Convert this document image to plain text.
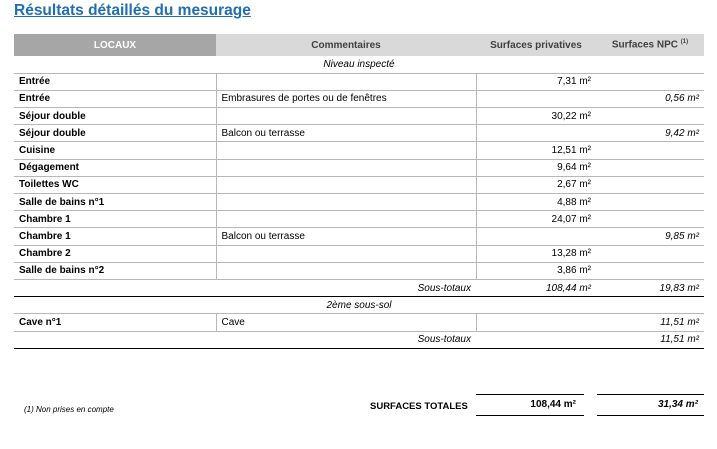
Résultats détaillés du mesurage
LOCAUX	Commentaires	Surfaces privatives	Surfaces NPC $^{(1)}$
Niveau inspecté			
Entrée		7,31 m²	
Entrée	Embrasures de portes ou de fenêtres		0,56 m²
Séjour double		30,22 m²	
Séjour double	Balcon ou terrasse		9,42 m²
Cuisine		12,51 m²	
Dégagement		9,64 m²	
Toilettes WC		2,67 m²	
Salle de bains n°1		4,88 m²	
Chambre 1		24,07 m²	
Chambre 1	Balcon ou terrasse		9,85 m²
Chambre 2		13,28 m²	
Salle de bains n°2		3,86 m²	
	Sous-totaux	108,44 m²	19,83 m²
2ème sous-sol			
Cave n°1	Cave		11,51 m²
	Sous-totaux		11,51 m²
(1) Non prises en compte	SURFACES TOTALES	108,44 m²	31,34 m²
